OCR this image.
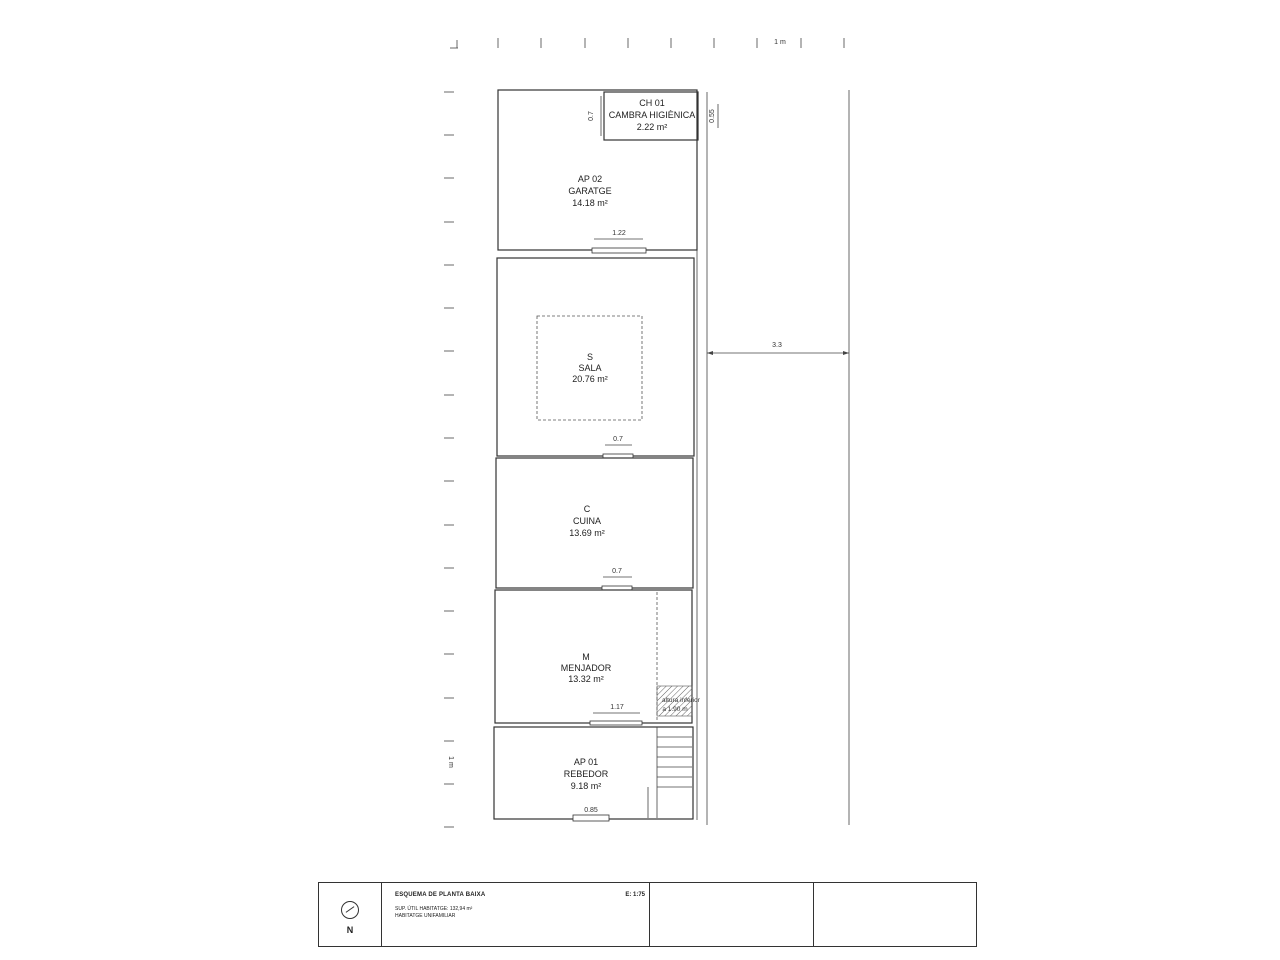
1 m
1 m
3.3
0.7	0.55
CH 01
CAMBRA HIGIÈNICA
2.22 m²
AP 02
GARATGE
14.18 m²
1.22
S
SALA
20.76 m²
0.7
C
CUINA
13.69 m²
0.7
altura inferior
a 1.90 m
M
MENJADOR
13.32 m²
1.17
AP 01
REBEDOR
9.18 m²
0.85
N
ESQUEMA DE PLANTA BAIXA	E: 1:75
SUP. ÚTIL HABITATGE: 132,94 m²
HABITATGE UNIFAMILIAR
